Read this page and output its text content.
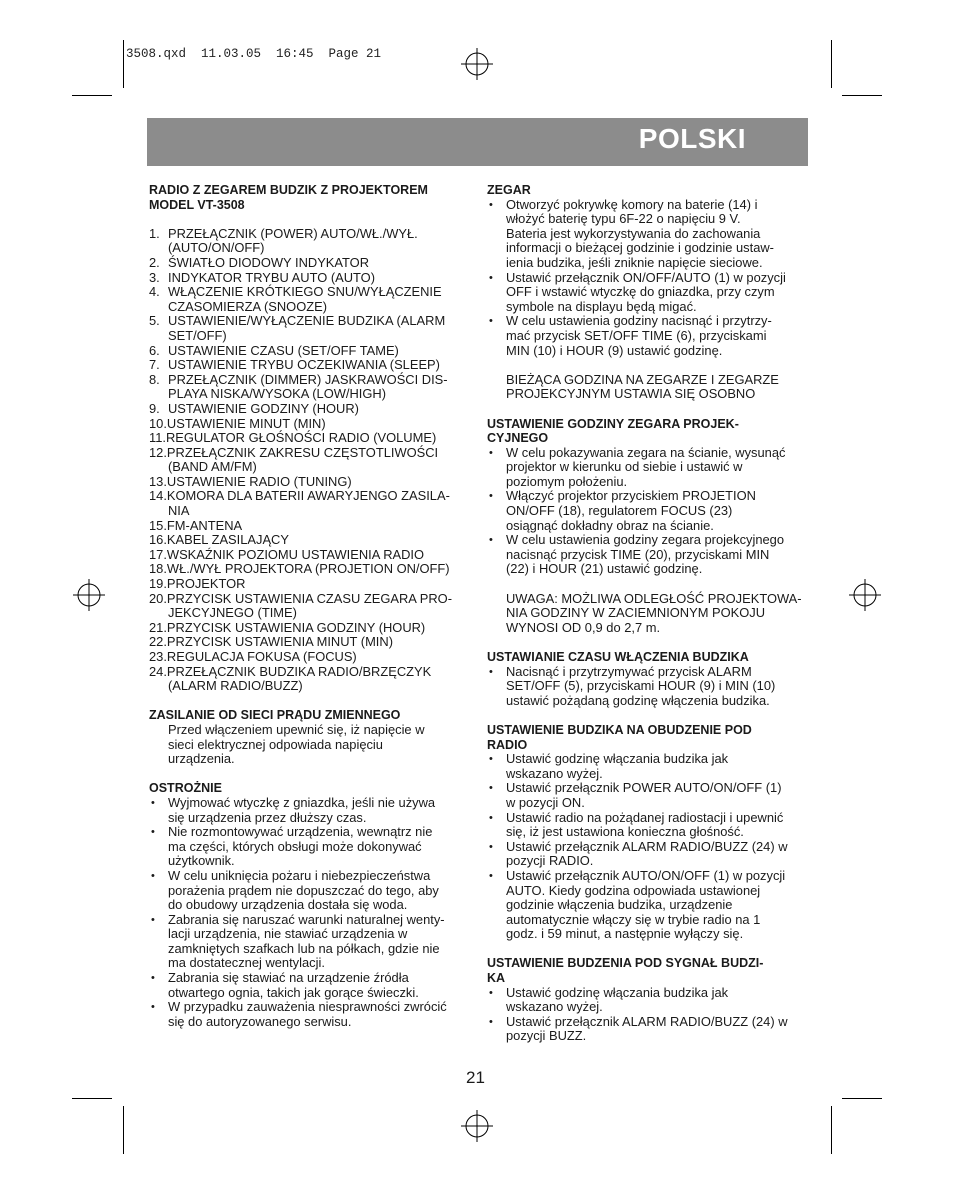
3508.qxd  11.03.05  16:45  Page 21
POLSKI
RADIO Z ZEGAREM BUDZIK Z PROJEKTOREM
MODEL VT-3508
1. PRZEŁĄCZNIK (POWER) AUTO/WŁ./WYŁ.
(AUTO/ON/OFF)
2. ŚWIATŁO DIODOWY INDYKATOR
3. INDYKATOR TRYBU AUTO (AUTO)
4. WŁĄCZENIE KRÓTKIEGO SNU/WYŁĄCZENIE
CZASOMIERZA (SNOOZE)
5. USTAWIENIE/WYŁĄCZENIE BUDZIKA (ALARM
SET/OFF)
6. USTAWIENIE CZASU (SET/OFF TAME)
7. USTAWIENIE TRYBU OCZEKIWANIA (SLEEP)
8. PRZEŁĄCZNIK (DIMMER) JASKRAWOŚCI DIS-
PLAYA NISKA/WYSOKA (LOW/HIGH)
9. USTAWIENIE GODZINY (HOUR)
10.USTAWIENIE MINUT (MIN)
11.REGULATOR GŁOŚNOŚCI RADIO (VOLUME)
12.PRZEŁĄCZNIK ZAKRESU CZĘSTOTLIWOŚCI
(BAND AM/FM)
13.USTAWIENIE RADIO (TUNING)
14.KOMORA DLA BATERII AWARYJENGO ZASILA-
NIA
15.FM-ANTENA
16.KABEL ZASILAJĄCY
17.WSKAŹNIK POZIOMU USTAWIENIA RADIO
18.WŁ./WYŁ PROJEKTORA (PROJETION ON/OFF)
19.PROJEKTOR
20.PRZYCISK USTAWIENIA CZASU ZEGARA PRO-
JEKCYJNEGO (TIME)
21.PRZYCISK USTAWIENIA GODZINY (HOUR)
22.PRZYCISK USTAWIENIA MINUT (MIN)
23.REGULACJA FOKUSA (FOCUS)
24.PRZEŁĄCZNIK BUDZIKA RADIO/BRZĘCZYK
(ALARM RADIO/BUZZ)
ZASILANIE OD SIECI PRĄDU ZMIENNEGO
Przed włączeniem upewnić się, iż napięcie w
sieci elektrycznej odpowiada napięciu
urządzenia.
OSTROŻNIE
• Wyjmować wtyczkę z gniazdka, jeśli nie używa
się urządzenia przez dłuższy czas.
• Nie rozmontowywać urządzenia, wewnątrz nie
ma części, których obsługi może dokonywać
użytkownik.
• W celu uniknięcia pożaru i niebezpieczeństwa
porażenia prądem nie dopuszczać do tego, aby
do obudowy urządzenia dostała się woda.
• Zabrania się naruszać warunki naturalnej wenty-
lacji urządzenia, nie stawiać urządzenia w
zamkniętych szafkach lub na półkach, gdzie nie
ma dostatecznej wentylacji.
• Zabrania się stawiać na urządzenie źródła
otwartego ognia, takich jak gorące świeczki.
• W przypadku zauważenia niesprawności zwrócić
się do autoryzowanego serwisu.
ZEGAR
• Otworzyć pokrywkę komory na baterie (14) i
włożyć baterię typu 6F-22 o napięciu 9 V.
Bateria jest wykorzystywania do zachowania
informacji o bieżącej godzinie i godzinie ustaw-
ienia budzika, jeśli zniknie napięcie sieciowe.
• Ustawić przełącznik ON/OFF/AUTO (1) w pozycji
OFF i wstawić wtyczkę do gniazdka, przy czym
symbole na displayu będą migać.
• W celu ustawienia godziny nacisnąć i przytrzy-
mać przycisk SET/OFF TIME (6), przyciskami
MIN (10) i HOUR (9) ustawić godzinę.
BIEŻĄCA GODZINA NA ZEGARZE I ZEGARZE
PROJEKCYJNYM USTAWIA SIĘ OSOBNO
USTAWIENIE GODZINY ZEGARA PROJEK-
CYJNEGO
• W celu pokazywania zegara na ścianie, wysunąć
projektor w kierunku od siebie i ustawić w
poziomym położeniu.
• Włączyć projektor przyciskiem PROJETION
ON/OFF (18), regulatorem FOCUS (23)
osiągnąć dokładny obraz na ścianie.
• W celu ustawienia godziny zegara projekcyjnego
nacisnąć przycisk TIME (20), przyciskami MIN
(22) i HOUR (21) ustawić godzinę.
UWAGA: MOŻLIWA ODLEGŁOŚĆ PROJEKTOWA-
NIA GODZINY W ZACIEMNIONYM POKOJU
WYNOSI OD 0,9 do 2,7 m.
USTAWIANIE CZASU WŁĄCZENIA BUDZIKA
• Nacisnąć i przytrzymywać przycisk ALARM
SET/OFF (5), przyciskami HOUR (9) i MIN (10)
ustawić pożądaną godzinę włączenia budzika.
USTAWIENIE BUDZIKA NA OBUDZENIE POD
RADIO
• Ustawić godzinę włączania budzika jak
wskazano wyżej.
• Ustawić przełącznik POWER AUTO/ON/OFF (1)
w pozycji ON.
• Ustawić radio na pożądanej radiostacji i upewnić
się, iż jest ustawiona konieczna głośność.
• Ustawić przełącznik ALARM RADIO/BUZZ (24) w
pozycji RADIO.
• Ustawić przełącznik AUTO/ON/OFF (1) w pozycji
AUTO. Kiedy godzina odpowiada ustawionej
godzinie włączenia budzika, urządzenie
automatycznie włączy się w trybie radio na 1
godz. i 59 minut, a następnie wyłączy się.
USTAWIENIE BUDZENIA POD SYGNAŁ BUDZI-
KA
• Ustawić godzinę włączania budzika jak
wskazano wyżej.
• Ustawić przełącznik ALARM RADIO/BUZZ (24) w
pozycji BUZZ.
21
